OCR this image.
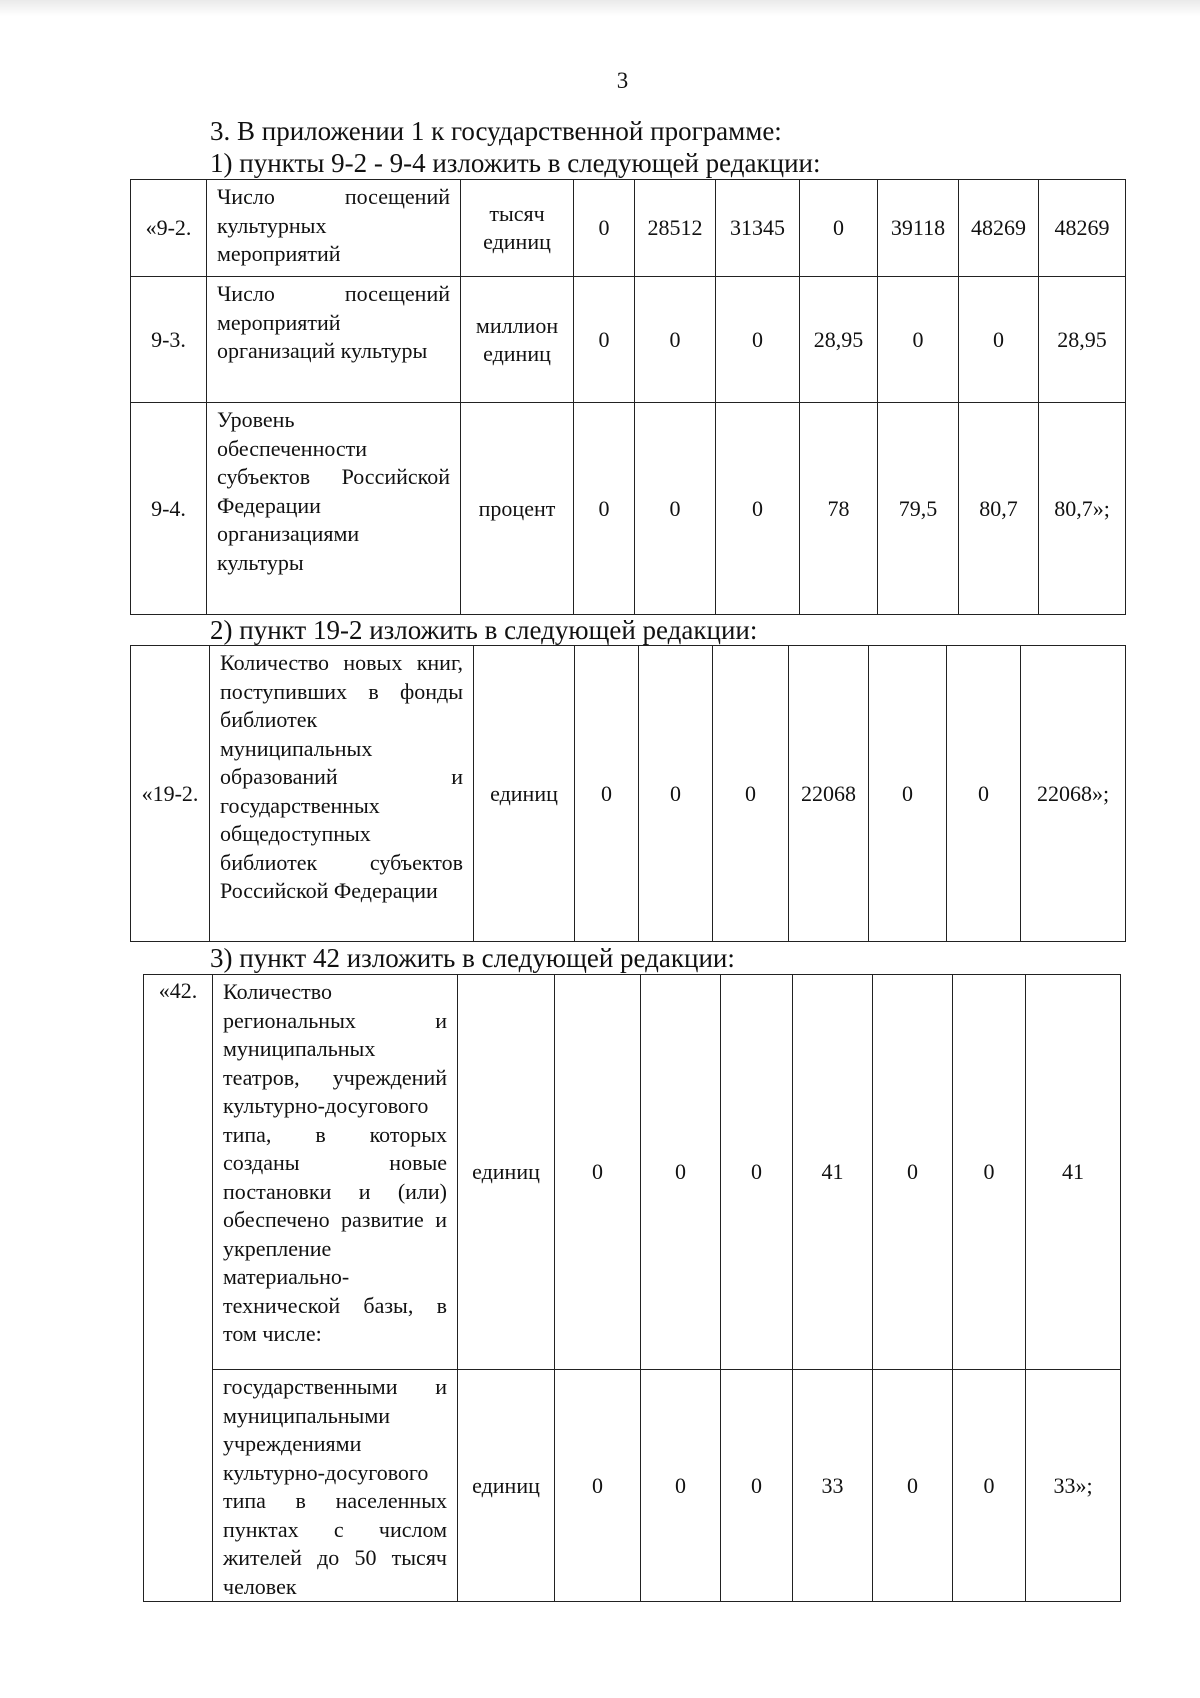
3
3. В приложении 1 к государственной программе:
1) пункты 9-2 - 9-4 изложить в следующей редакции:
«9-2.	Число посещений культурных мероприятий	тысяч единиц	0	28512	31345	0	39118	48269	48269
9-3.	Число посещений мероприятий организаций культуры	миллион единиц	0	0	0	28,95	0	0	28,95
9-4.	Уровень обеспеченности субъектов Российской Федерации организациями культуры	процент	0	0	0	78	79,5	80,7	80,7»;
2) пункт 19-2 изложить в следующей редакции:
«19-2.	Количество новых книг, поступивших в фонды библиотек муниципальных образований и государственных общедоступных библиотек субъектов Российской Федерации	единиц	0	0	0	22068	0	0	22068»;
3) пункт 42 изложить в следующей редакции:
«42.	Количество региональных и муниципальных театров, учреждений культурно-досугового типа, в которых созданы новые постановки и (или) обеспечено развитие и укрепление материально-технической базы, в том числе:	единиц	0	0	0	41	0	0	41
	государственными и муниципальными учреждениями культурно-досугового типа в населенных пунктах с числом жителей до 50 тысяч человек	единиц	0	0	0	33	0	0	33»;
